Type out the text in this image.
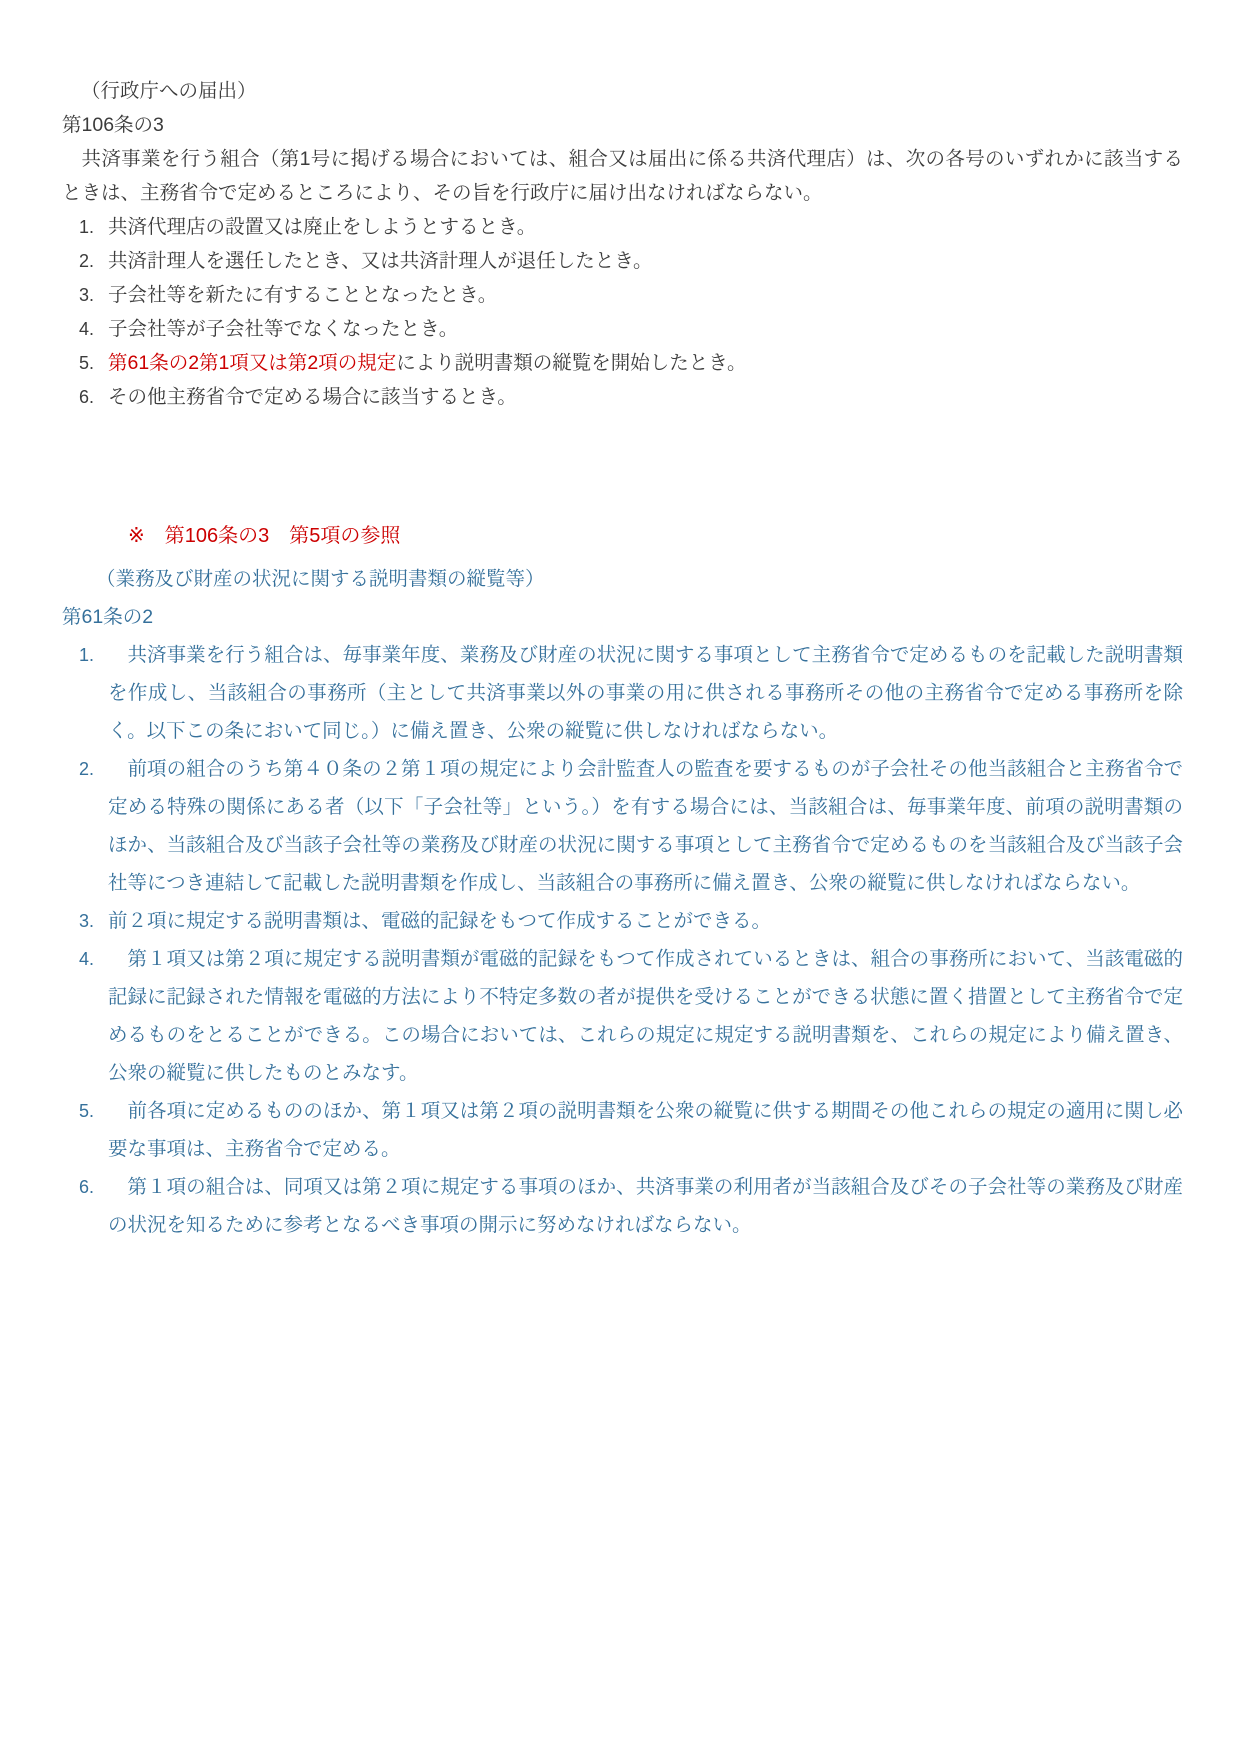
（行政庁への届出）
第106条の3

共済事業を行う組合（第1号に掲げる場合においては、組合又は届出に係る共済代理店）は、次の各号のいずれかに該当するときは、主務省令で定めるところにより、その旨を行政庁に届け出なければならない。

1. 共済代理店の設置又は廃止をしようとするとき。
2. 共済計理人を選任したとき、又は共済計理人が退任したとき。
3. 子会社等を新たに有することとなったとき。
4. 子会社等が子会社等でなくなったとき。
5. 第61条の2第1項又は第2項の規定により説明書類の縦覧を開始したとき。
6. その他主務省令で定める場合に該当するとき。
※　第106条の3　第5項の参照
（業務及び財産の状況に関する説明書類の縦覧等）
第61条の2
1.	共済事業を行う組合は、毎事業年度、業務及び財産の状況に関する事項として主務省令で定めるものを記載した説明書類を作成し、当該組合の事務所（主として共済事業以外の事業の用に供される事務所その他の主務省令で定める事務所を除く。以下この条において同じ。）に備え置き、公衆の縦覧に供しなければならない。

2.	前項の組合のうち第４０条の２第１項の規定により会計監査人の監査を要するものが子会社その他当該組合と主務省令で定める特殊の関係にある者（以下「子会社等」という。）を有する場合には、当該組合は、毎事業年度、前項の説明書類のほか、当該組合及び当該子会社等の業務及び財産の状況に関する事項として主務省令で定めるものを当該組合及び当該子会社等につき連結して記載した説明書類を作成し、当該組合の事務所に備え置き、公衆の縦覧に供しなければならない。

3. 前２項に規定する説明書類は、電磁的記録をもつて作成することができる。

4.	第１項又は第２項に規定する説明書類が電磁的記録をもつて作成されているときは、組合の事務所において、当該電磁的記録に記録された情報を電磁的方法により不特定多数の者が提供を受けることができる状態に置く措置として主務省令で定めるものをとることができる。この場合においては、これらの規定に規定する説明書類を、これらの規定により備え置き、公衆の縦覧に供したものとみなす。

5.	前各項に定めるもののほか、第１項又は第２項の説明書類を公衆の縦覧に供する期間その他これらの規定の適用に関し必要な事項は、主務省令で定める。

6.	第１項の組合は、同項又は第２項に規定する事項のほか、共済事業の利用者が当該組合及びその子会社等の業務及び財産の状況を知るために参考となるべき事項の開示に努めなければならない。
